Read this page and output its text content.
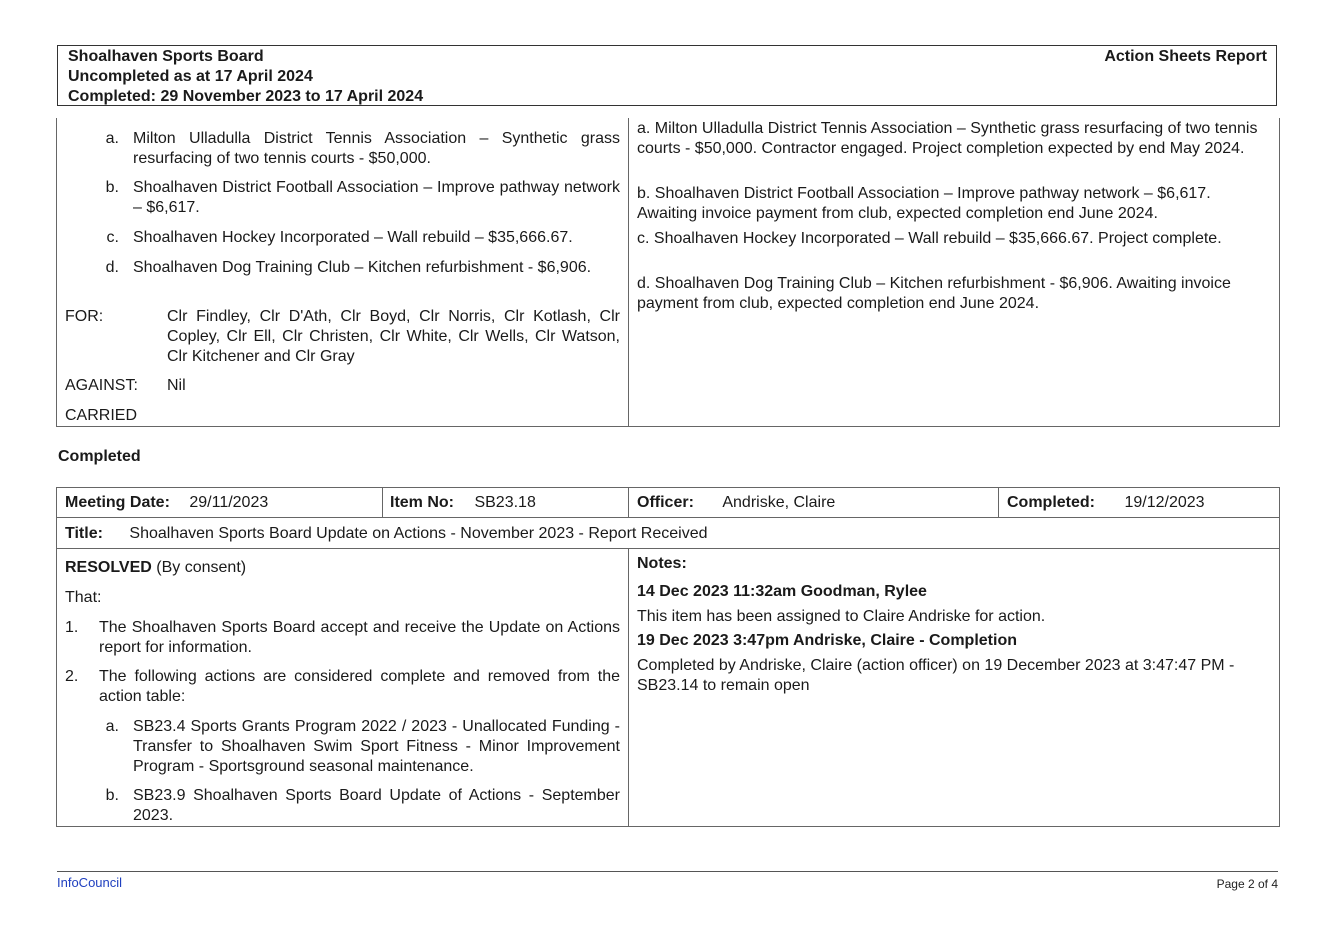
Shoalhaven Sports Board
Uncompleted as at 17 April 2024
Completed: 29 November 2023 to 17 April 2024
Action Sheets Report
a. Milton Ulladulla District Tennis Association – Synthetic grass resurfacing of two tennis courts - $50,000.
b. Shoalhaven District Football Association – Improve pathway network – $6,617.
c. Shoalhaven Hockey Incorporated – Wall rebuild – $35,666.67.
d. Shoalhaven Dog Training Club – Kitchen refurbishment - $6,906.
FOR:	Clr Findley, Clr D'Ath, Clr Boyd, Clr Norris, Clr Kotlash, Clr Copley, Clr Ell, Clr Christen, Clr White, Clr Wells, Clr Watson, Clr Kitchener and Clr Gray
AGAINST: Nil
CARRIED
a. Milton Ulladulla District Tennis Association – Synthetic grass resurfacing of two tennis courts - $50,000. Contractor engaged. Project completion expected by end May 2024.
b. Shoalhaven District Football Association – Improve pathway network – $6,617. Awaiting invoice payment from club, expected completion end June 2024.
c. Shoalhaven Hockey Incorporated – Wall rebuild – $35,666.67. Project complete.
d. Shoalhaven Dog Training Club – Kitchen refurbishment - $6,906. Awaiting invoice payment from club, expected completion end June 2024.
Completed
Meeting Date: 29/11/2023	Item No: SB23.18	Officer: Andriske, Claire	Completed: 19/12/2023
Title: Shoalhaven Sports Board Update on Actions - November 2023 - Report Received
RESOLVED (By consent)
That:
1.	The Shoalhaven Sports Board accept and receive the Update on Actions report for information.
2.	The following actions are considered complete and removed from the action table:
a. SB23.4 Sports Grants Program 2022 / 2023 - Unallocated Funding - Transfer to Shoalhaven Swim Sport Fitness - Minor Improvement Program - Sportsground seasonal maintenance.
b. SB23.9 Shoalhaven Sports Board Update of Actions - September 2023.
Notes:
14 Dec 2023 11:32am Goodman, Rylee
This item has been assigned to Claire Andriske for action.
19 Dec 2023 3:47pm Andriske, Claire - Completion
Completed by Andriske, Claire (action officer) on 19 December 2023 at 3:47:47 PM - SB23.14 to remain open
InfoCouncil	Page 2 of 4
